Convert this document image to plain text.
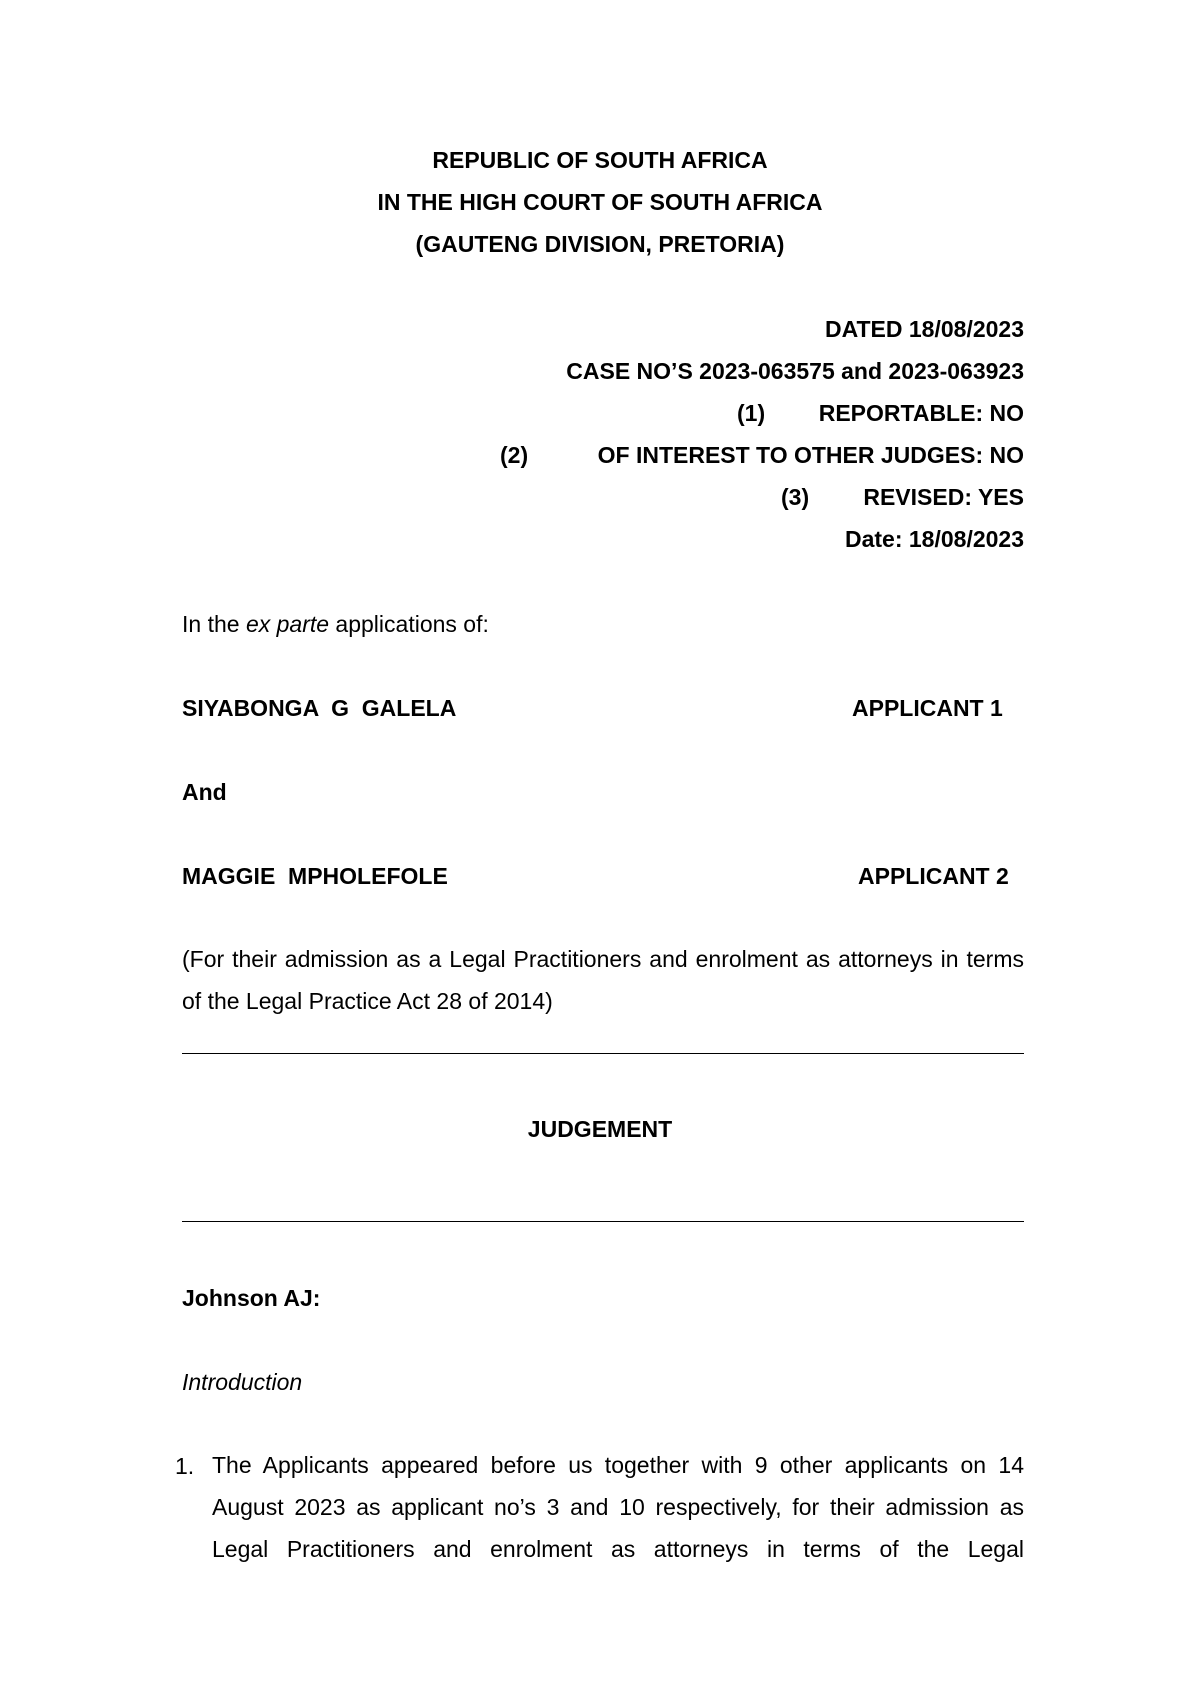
REPUBLIC OF SOUTH AFRICA
IN THE HIGH COURT OF SOUTH AFRICA
(GAUTENG DIVISION, PRETORIA)
DATED 18/08/2023
CASE NO’S 2023-063575 and 2023-063923
(1) REPORTABLE: NO
(2)	OF INTEREST TO OTHER JUDGES: NO
(3) REVISED: YES
Date: 18/08/2023
In the ex parte applications of:
SIYABONGA  G  GALELA	APPLICANT 1
And
MAGGIE  MPHOLEFOLE	APPLICANT 2
(For their admission as a Legal Practitioners and enrolment as attorneys in terms of the Legal Practice Act 28 of 2014)
JUDGEMENT
Johnson AJ:
Introduction
1. The Applicants appeared before us together with 9 other applicants on 14
August 2023 as applicant no’s 3 and 10 respectively, for their admission as
Legal Practitioners and enrolment as attorneys in terms of the Legal
